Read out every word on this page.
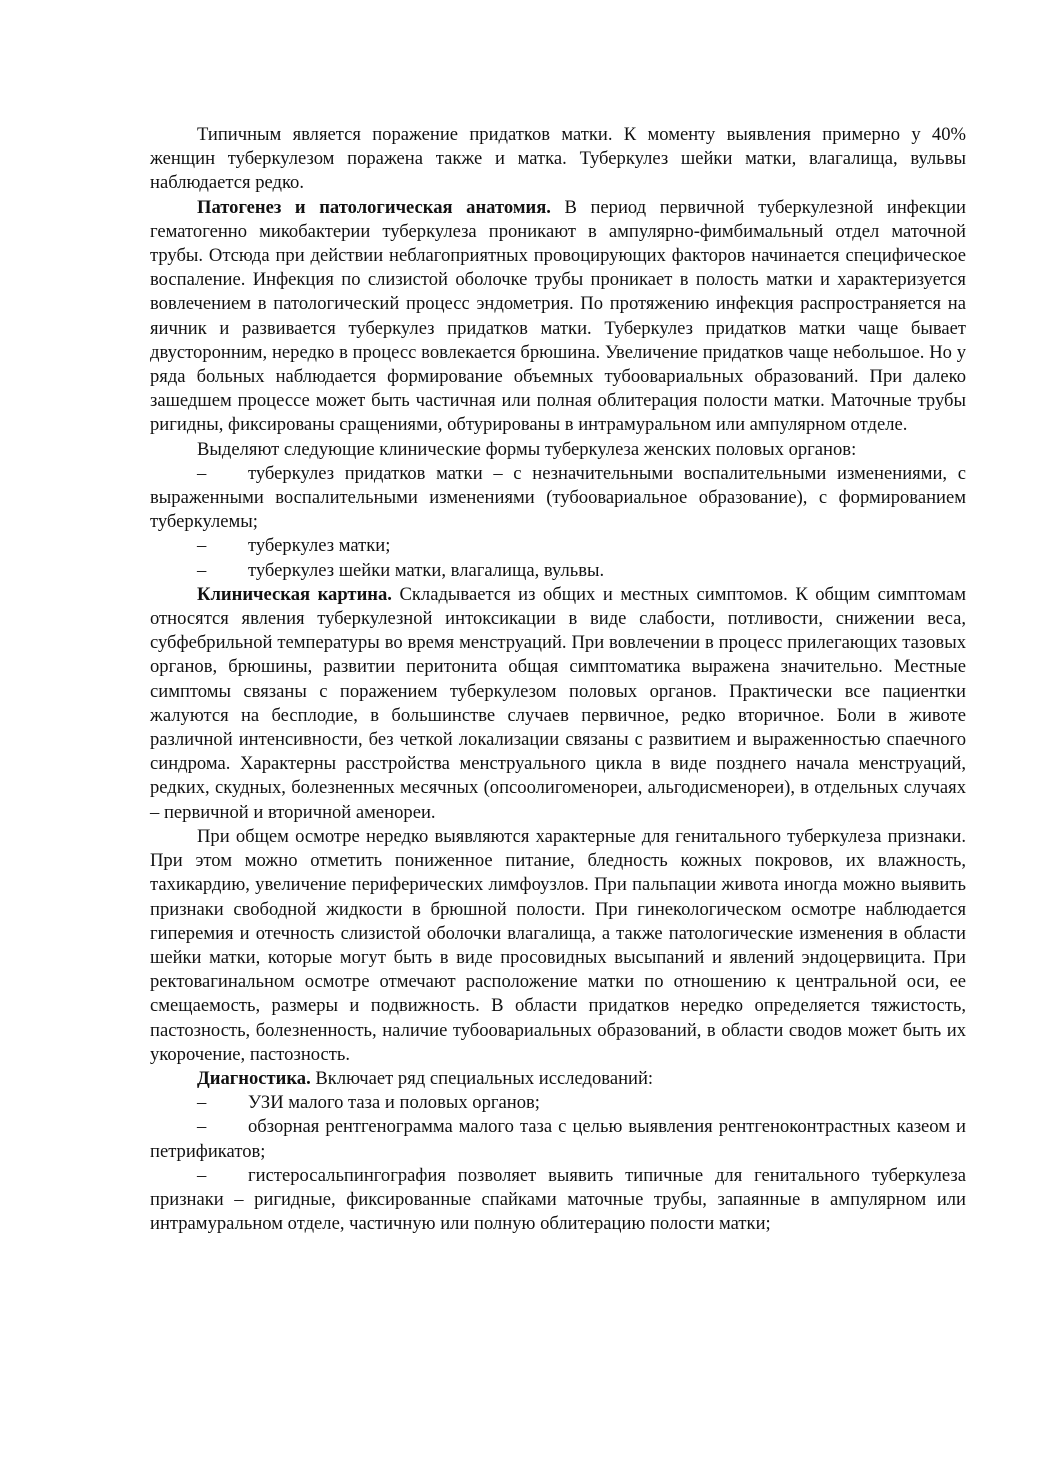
Типичным является поражение придатков матки. К моменту выявления примерно у 40% женщин туберкулезом поражена также и матка. Туберкулез шейки матки, влагалища, вульвы наблюдается редко.

Патогенез и патологическая анатомия. В период первичной туберкулезной инфекции гематогенно микобактерии туберкулеза проникают в ампулярно-фимбимальный отдел маточной трубы. Отсюда при действии неблагоприятных провоцирующих факторов начинается специфическое воспаление. Инфекция по слизистой оболочке трубы проникает в полость матки и характеризуется вовлечением в патологический процесс эндометрия. По протяжению инфекция распространяется на яичник и развивается туберкулез придатков матки. Туберкулез придатков матки чаще бывает двусторонним, нередко в процесс вовлекается брюшина. Увеличение придатков чаще небольшое. Но у ряда больных наблюдается формирование объемных тубоовариальных образований. При далеко зашедшем процессе может быть частичная или полная облитерация полости матки. Маточные трубы ригидны, фиксированы сращениями, обтурированы в интрамуральном или ампулярном отделе.

Выделяют следующие клинические формы туберкулеза женских половых органов:

– туберкулез придатков матки – с незначительными воспалительными изменениями, с выраженными воспалительными изменениями (тубоовариальное образование), с формированием туберкулемы;

– туберкулез матки;

– туберкулез шейки матки, влагалища, вульвы.

Клиническая картина. Складывается из общих и местных симптомов. К общим симптомам относятся явления туберкулезной интоксикации в виде слабости, потливости, снижении веса, субфебрильной температуры во время менструаций. При вовлечении в процесс прилегающих тазовых органов, брюшины, развитии перитонита общая симптоматика выражена значительно. Местные симптомы связаны с поражением туберкулезом половых органов. Практически все пациентки жалуются на бесплодие, в большинстве случаев первичное, редко вторичное. Боли в животе различной интенсивности, без четкой локализации связаны с развитием и выраженностью спаечного синдрома. Характерны расстройства менструального цикла в виде позднего начала менструаций, редких, скудных, болезненных месячных (опсоолигоменореи, альгодисменореи), в отдельных случаях – первичной и вторичной аменореи.

При общем осмотре нередко выявляются характерные для генитального туберкулеза признаки. При этом можно отметить пониженное питание, бледность кожных покровов, их влажность, тахикардию, увеличение периферических лимфоузлов. При пальпации живота иногда можно выявить признаки свободной жидкости в брюшной полости. При гинекологическом осмотре наблюдается гиперемия и отечность слизистой оболочки влагалища, а также патологические изменения в области шейки матки, которые могут быть в виде просовидных высыпаний и явлений эндоцервицита. При ректовагинальном осмотре отмечают расположение матки по отношению к центральной оси, ее смещаемость, размеры и подвижность. В области придатков нередко определяется тяжистость, пастозность, болезненность, наличие тубоовариальных образований, в области сводов может быть их укорочение, пастозность.

Диагностика. Включает ряд специальных исследований:

– УЗИ малого таза и половых органов;

– обзорная рентгенограмма малого таза с целью выявления рентгеноконтрастных казеом и петрификатов;

– гистеросальпингография позволяет выявить типичные для генитального туберкулеза признаки – ригидные, фиксированные спайками маточные трубы, запаянные в ампулярном или интрамуральном отделе, частичную или полную облитерацию полости матки;
